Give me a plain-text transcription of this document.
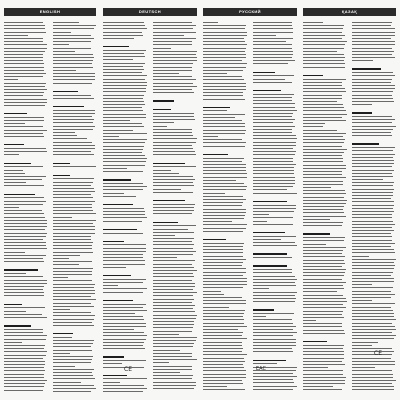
ENGLISH	DEUTSCH	РУССКИЙ	ҚАЗАҚ
CE	EAC
CE
